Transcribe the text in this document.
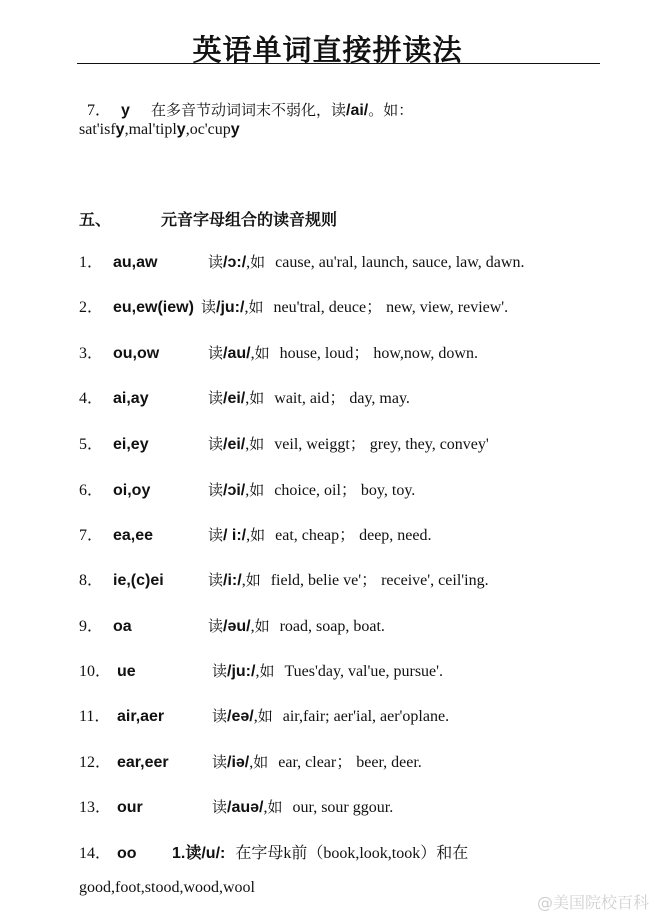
英语单词直接拼读法

7． y 在多音节动词词末不弱化，读/ai/。如：

sat'isfy,mal'tiply,oc'cupy
五、	元音字母组合的读音规则
1． au,aw	读/ɔ:/,如 cause, au'ral, launch, sauce, law, dawn.
2． eu,ew(iew) 读/ju:/,如 neu'tral, deuce； new, view, review'.
3． ou,ow	读/au/,如 house, loud； how,now, down.
4． ai,ay	读/ei/,如 wait, aid； day, may.
5． ei,ey	读/ei/,如 veil, weiggt； grey, they, convey'
6． oi,oy	读/ɔi/,如 choice, oil； boy, toy.
7． ea,ee	读/ i:/,如 eat, cheap； deep, need.
8． ie,(c)ei	读/i:/,如 field, belie ve'； receive', ceil'ing.
9． oa	读/əu/,如 road, soap, boat.
10． ue	读/ju:/,如 Tues'day, val'ue, pursue'.
11． air,aer	读/eə/,如 air,fair; aer'ial, aer'oplane.
12． ear,eer	读/iə/,如 ear, clear； beer, deer.
13． our	读/auə/,如 our, sour ggour.
14． oo 1.读/u/: 在字母k前（book,look,took）和在
good,foot,stood,wood,wool
@美国院校百科
